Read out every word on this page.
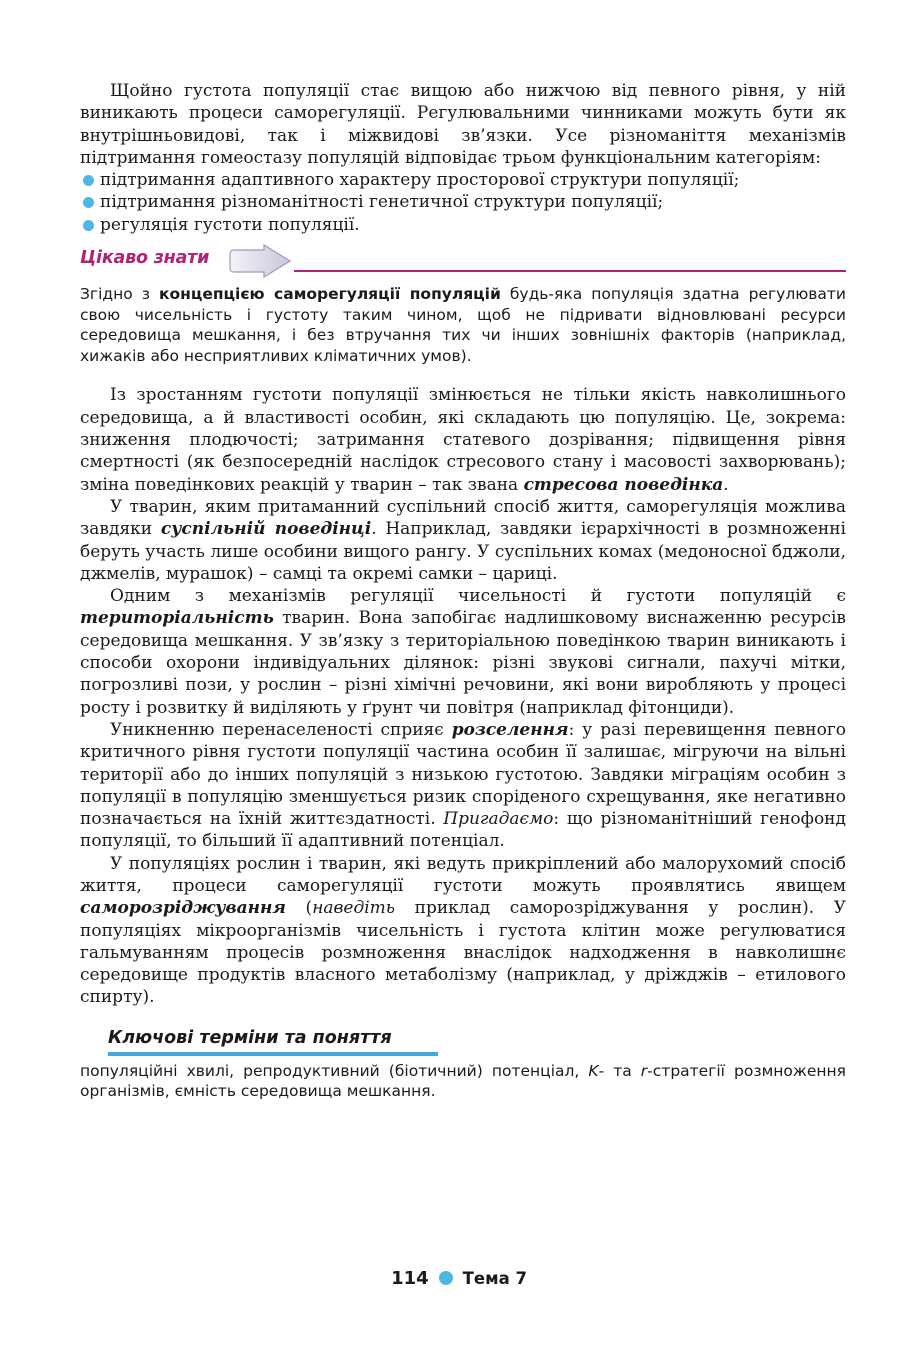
Щойно густота популяції стає вищою або нижчою від певного рівня, у ній виникають процеси саморегуляції. Регулювальними чинниками можуть бути як внутрішньовидові, так і міжвидові зв’язки. Усе різноманіття механізмів підтримання гомеостазу популяцій відповідає трьом функціональним категоріям:

підтримання адаптивного характеру просторової структури популяції;
підтримання різноманітності генетичної структури популяції;
регуляція густоти популяції.
Цікаво знати

Згідно з концепцією саморегуляції популяцій будь-яка популяція здатна регулювати свою чисельність і густоту таким чином, щоб не підривати відновлювані ресурси середовища мешкання, і без втручання тих чи інших зовнішніх факторів (наприклад, хижаків або несприятливих кліматичних умов).

Із зростанням густоти популяції змінюється не тільки якість навколишнього середовища, а й властивості особин, які складають цю популяцію. Це, зокрема: зниження плодючості; затримання статевого дозрівання; підвищення рівня смертності (як безпосередній наслідок стресового стану і масовості захворювань); зміна поведінкових реакцій у тварин – так звана стресова поведінка.

У тварин, яким притаманний суспільний спосіб життя, саморегуляція можлива завдяки суспільній поведінці. Наприклад, завдяки ієрархічності в розмноженні беруть участь лише особини вищого рангу. У суспільних комах (медоносної бджоли, джмелів, мурашок) – самці та окремі самки – цариці.

Одним з механізмів регуляції чисельності й густоти популяцій є територіальність тварин. Вона запобігає надлишковому виснаженню ресурсів середовища мешкання. У зв’язку з територіальною поведінкою тварин виникають і способи охорони індивідуальних ділянок: різні звукові сигнали, пахучі мітки, погрозливі пози, у рослин – різні хімічні речовини, які вони виробляють у процесі росту і розвитку й виділяють у ґрунт чи повітря (наприклад фітонциди).

Уникненню перенаселеності сприяє розселення: у разі перевищення певного критичного рівня густоти популяції частина особин її залишає, мігруючи на вільні території або до інших популяцій з низькою густотою. Завдяки міграціям особин з популяції в популяцію зменшується ризик споріденого схрещування, яке негативно позначається на їхній життєздатності. Пригадаємо: що різноманітніший генофонд популяції, то більший її адаптивний потенціал.

У популяціях рослин і тварин, які ведуть прикріплений або малорухомий спосіб життя, процеси саморегуляції густоти можуть проявлятись явищем саморозріджування (наведіть приклад саморозріджування у рослин). У популяціях мікроорганізмів чисельність і густота клітин може регулюватися гальмуванням процесів розмноження внаслідок надходження в навколишнє середовище продуктів власного метаболізму (наприклад, у дріжджів – етилового спирту).

Ключові терміни та поняття

популяційні хвилі, репродуктивний (біотичний) потенціал, K- та r-стратегії розмноження організмів, ємність середовища мешкання.

114 Тема 7
